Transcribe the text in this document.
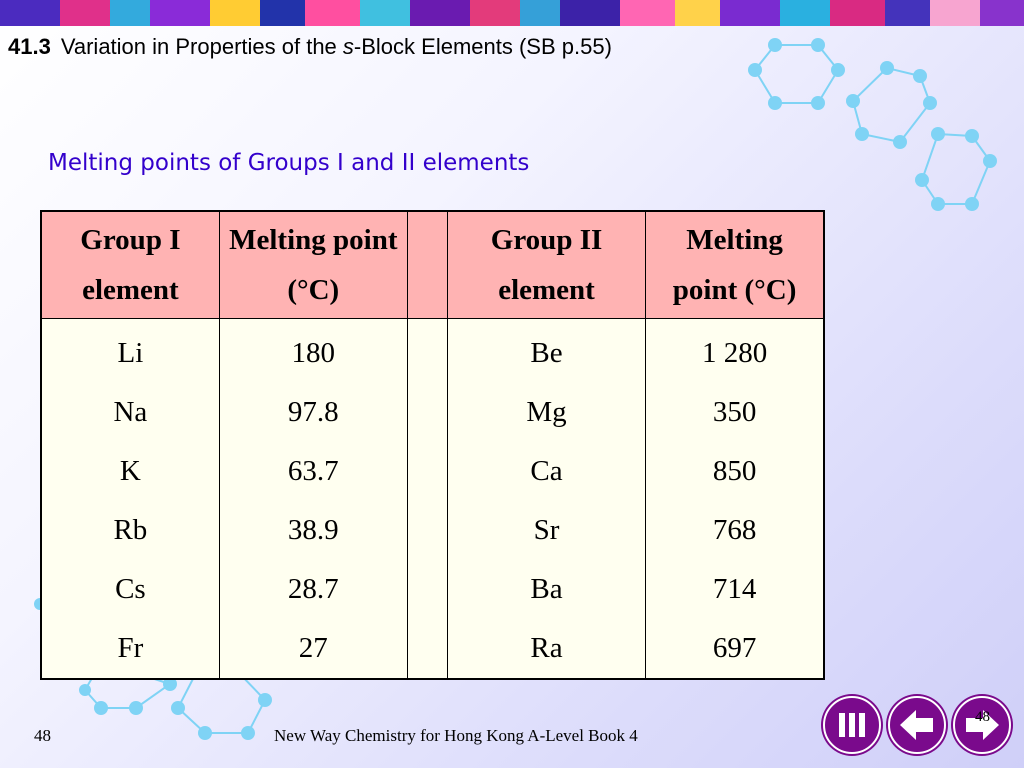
41.3 Variation in Properties of the s-Block Elements (SB p.55)
Melting points of Groups I and II elements
Group I element	Melting point (°C)		Group II element	Melting point (°C)
Li	180		Be	1 280
Na	97.8		Mg	350
K	63.7		Ca	850
Rb	38.9		Sr	768
Cs	28.7		Ba	714
Fr	27		Ra	697
48	New Way Chemistry for Hong Kong A-Level Book 4
48
